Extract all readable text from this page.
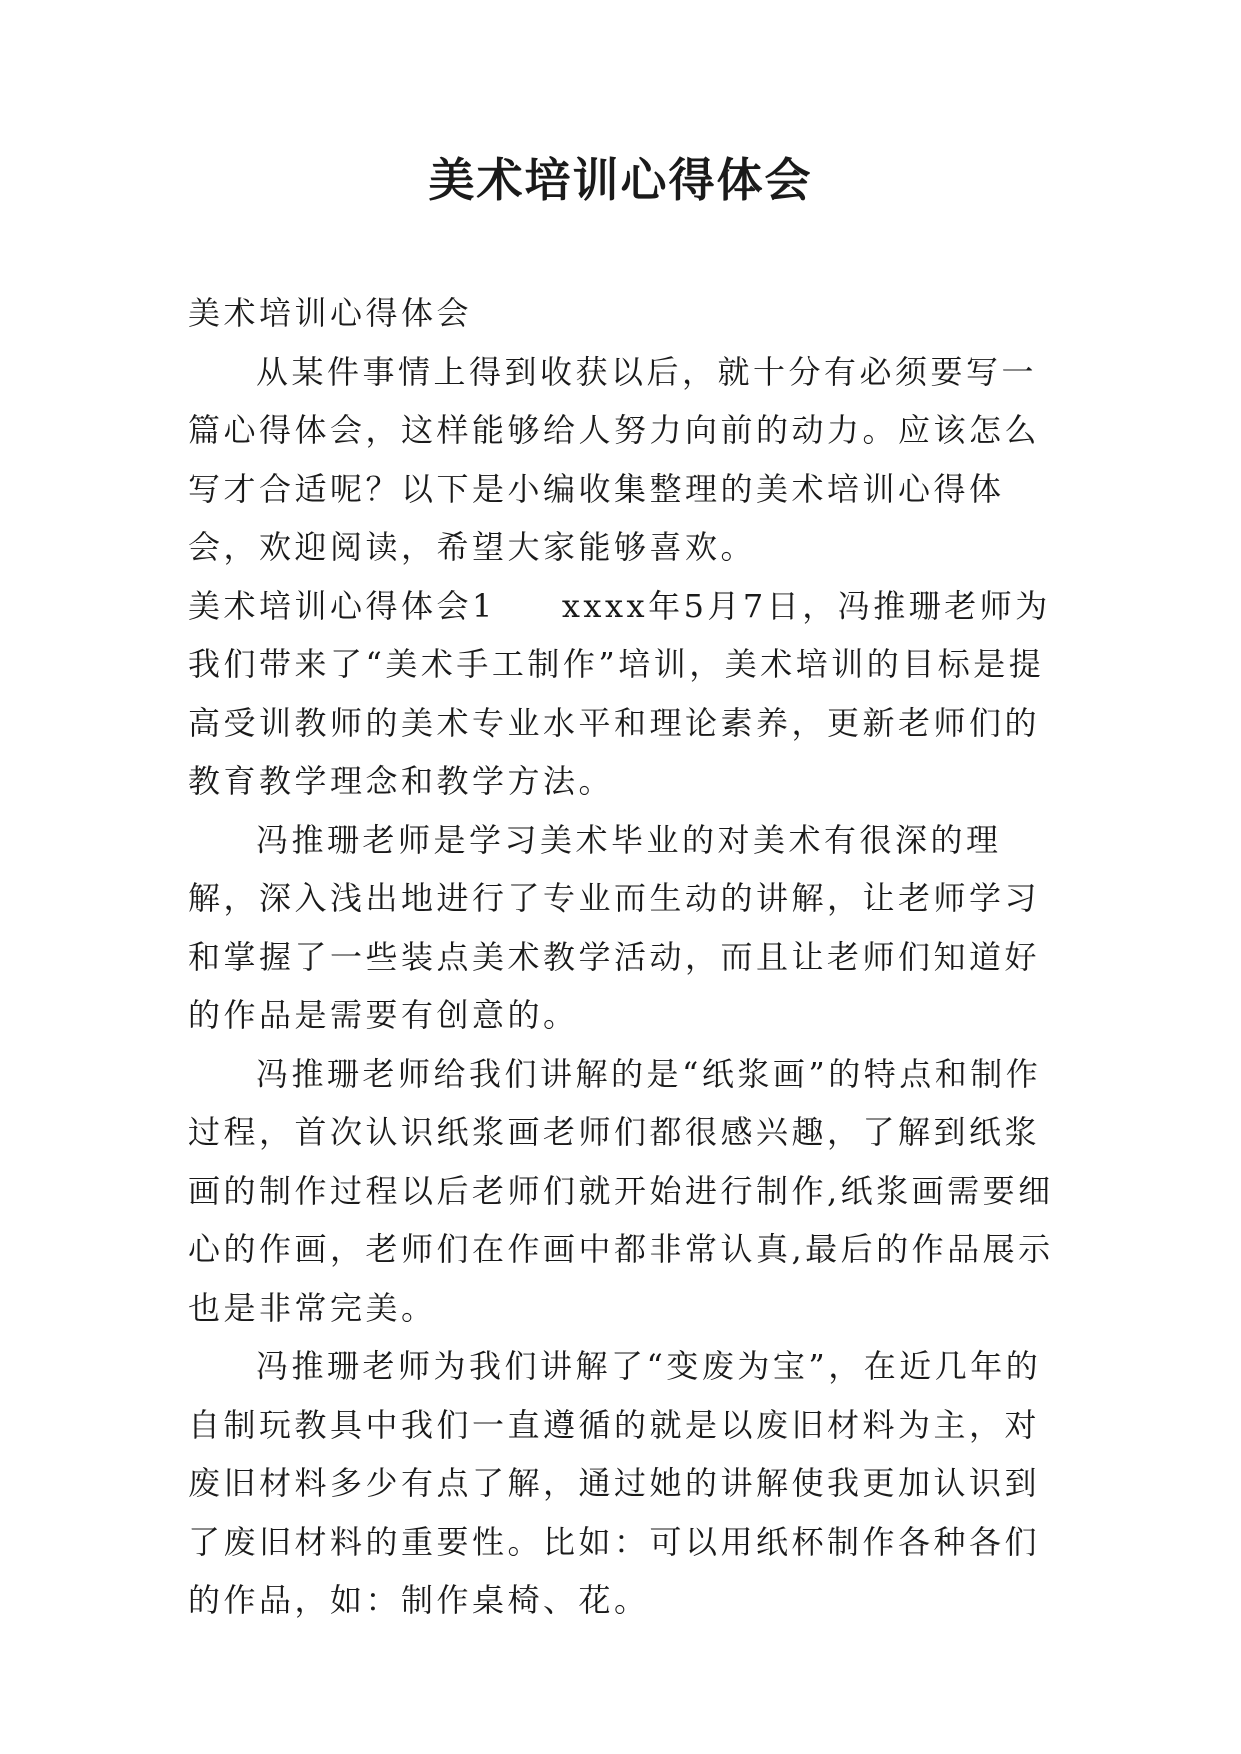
美术培训心得体会

美术培训心得体会

从某件事情上得到收获以后，就十分有必须要写一篇心得体会，这样能够给人努力向前的动力。应该怎么写才合适呢？以下是小编收集整理的美术培训心得体会，欢迎阅读，希望大家能够喜欢。

美术培训心得体会1 xxxx年5月7日，冯推珊老师为我们带来了“美术手工制作”培训，美术培训的目标是提高受训教师的美术专业水平和理论素养，更新老师们的教育教学理念和教学方法。

冯推珊老师是学习美术毕业的对美术有很深的理解，深入浅出地进行了专业而生动的讲解，让老师学习和掌握了一些装点美术教学活动，而且让老师们知道好的作品是需要有创意的。

冯推珊老师给我们讲解的是“纸浆画”的特点和制作过程，首次认识纸浆画老师们都很感兴趣，了解到纸浆画的制作过程以后老师们就开始进行制作,纸浆画需要细心的作画，老师们在作画中都非常认真,最后的作品展示也是非常完美。

冯推珊老师为我们讲解了“变废为宝”，在近几年的自制玩教具中我们一直遵循的就是以废旧材料为主，对废旧材料多少有点了解，通过她的讲解使我更加认识到了废旧材料的重要性。比如：可以用纸杯制作各种各们的作品，如：制作桌椅、花。
